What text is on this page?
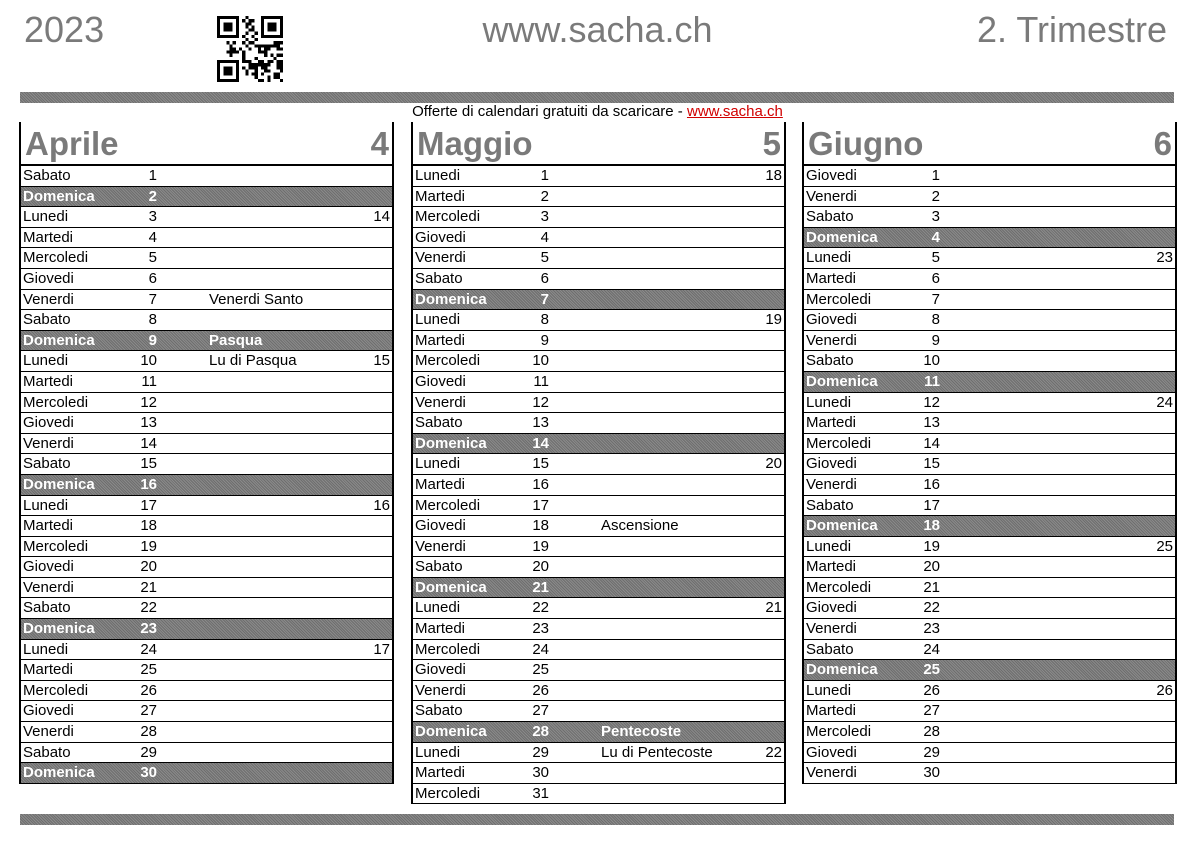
2023	www.sacha.ch	2. Trimestre
Offerte di calendari gratuiti da scaricare - www.sacha.ch
Aprile	4
Sabato	1
Domenica	2
Lunedi	3	14
Martedi	4
Mercoledi	5
Giovedi	6
Venerdi	7	Venerdi Santo
Sabato	8
Domenica	9	Pasqua
Lunedi	10	Lu di Pasqua	15
Martedi	11
Mercoledi	12
Giovedi	13
Venerdi	14
Sabato	15
Domenica	16
Lunedi	17	16
Martedi	18
Mercoledi	19
Giovedi	20
Venerdi	21
Sabato	22
Domenica	23
Lunedi	24	17
Martedi	25
Mercoledi	26
Giovedi	27
Venerdi	28
Sabato	29
Domenica	30
Maggio	5
Lunedi	1	18
Martedi	2
Mercoledi	3
Giovedi	4
Venerdi	5
Sabato	6
Domenica	7
Lunedi	8	19
Martedi	9
Mercoledi	10
Giovedi	11
Venerdi	12
Sabato	13
Domenica	14
Lunedi	15	20
Martedi	16
Mercoledi	17
Giovedi	18	Ascensione
Venerdi	19
Sabato	20
Domenica	21
Lunedi	22	21
Martedi	23
Mercoledi	24
Giovedi	25
Venerdi	26
Sabato	27
Domenica	28	Pentecoste
Lunedi	29	Lu di Pentecoste	22
Martedi	30
Mercoledi	31
Giugno	6
Giovedi	1
Venerdi	2
Sabato	3
Domenica	4
Lunedi	5	23
Martedi	6
Mercoledi	7
Giovedi	8
Venerdi	9
Sabato	10
Domenica	11
Lunedi	12	24
Martedi	13
Mercoledi	14
Giovedi	15
Venerdi	16
Sabato	17
Domenica	18
Lunedi	19	25
Martedi	20
Mercoledi	21
Giovedi	22
Venerdi	23
Sabato	24
Domenica	25
Lunedi	26	26
Martedi	27
Mercoledi	28
Giovedi	29
Venerdi	30
